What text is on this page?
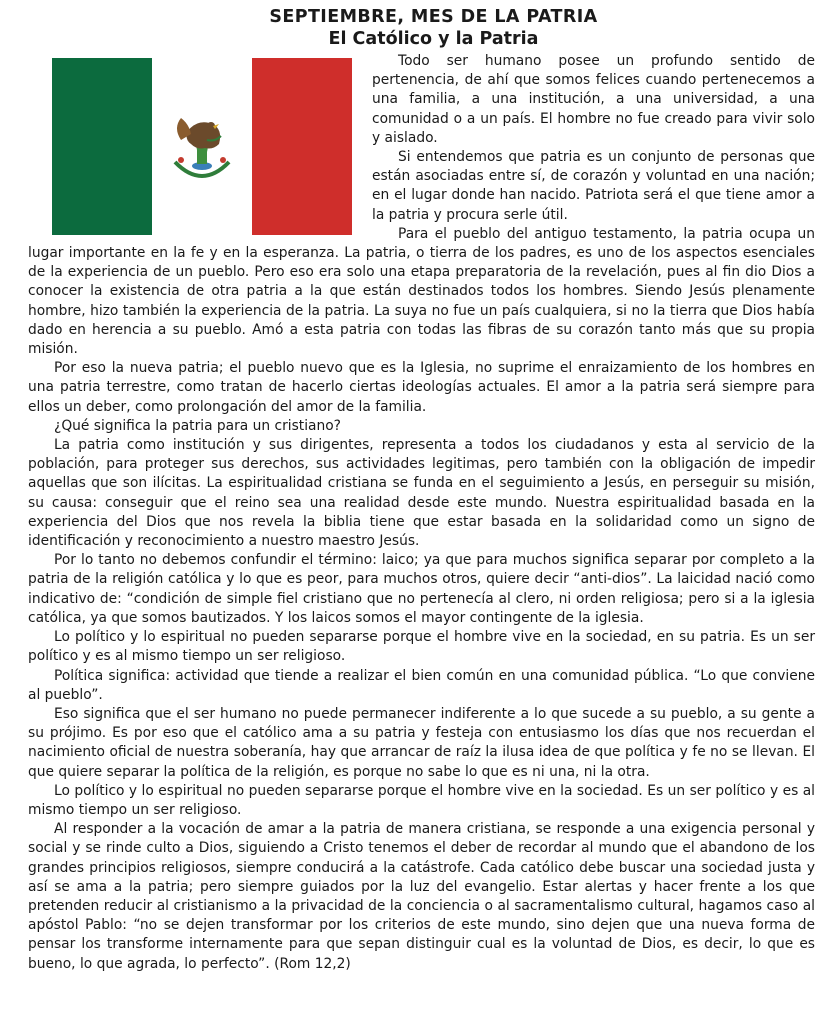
SEPTIEMBRE, MES DE LA PATRIA
El Católico y la Patria

Todo ser humano posee un profundo sentido de pertenencia, de ahí que somos felices cuando pertenecemos a una familia, a una institución, a una universidad, a una comunidad o a un país. El hombre no fue creado para vivir solo y aislado.

Si entendemos que patria es un conjunto de personas que están asociadas entre sí, de corazón y voluntad en una nación; en el lugar donde han nacido. Patriota será el que tiene amor a la patria y procura serle útil.

Para el pueblo del antiguo testamento, la patria ocupa un lugar importante en la fe y en la esperanza. La patria, o tierra de los padres, es uno de los aspectos esenciales de la experiencia de un pueblo. Pero eso era solo una etapa preparatoria de la revelación, pues al fin dio Dios a conocer la existencia de otra patria a la que están destinados todos los hombres. Siendo Jesús plenamente hombre, hizo también la experiencia de la patria. La suya no fue un país cualquiera, si no la tierra que Dios había dado en herencia a su pueblo. Amó a esta patria con todas las fibras de su corazón tanto más que su propia misión.

Por eso la nueva patria; el pueblo nuevo que es la Iglesia, no suprime el enraizamiento de los hombres en una patria terrestre, como tratan de hacerlo ciertas ideologías actuales. El amor a la patria será siempre para ellos un deber, como prolongación del amor de la familia.

¿Qué significa la patria para un cristiano?

La patria como institución y sus dirigentes, representa a todos los ciudadanos y esta al servicio de la población, para proteger sus derechos, sus actividades legitimas, pero también con la obligación de impedir aquellas que son ilícitas. La espiritualidad cristiana se funda en el seguimiento a Jesús, en perseguir su misión, su causa: conseguir que el reino sea una realidad desde este mundo. Nuestra espiritualidad basada en la experiencia del Dios que nos revela la biblia tiene que estar basada en la solidaridad como un signo de identificación y reconocimiento a nuestro maestro Jesús.

Por lo tanto no debemos confundir el término: laico; ya que para muchos significa separar por completo a la patria de la religión católica y lo que es peor, para muchos otros, quiere decir “anti-dios”. La laicidad nació como indicativo de: “condición de simple fiel cristiano que no pertenecía al clero, ni orden religiosa; pero si a la iglesia católica, ya que somos bautizados. Y los laicos somos el mayor contingente de la iglesia.

Lo político y lo espiritual no pueden separarse porque el hombre vive en la sociedad, en su patria. Es un ser político y es al mismo tiempo un ser religioso.

Política significa: actividad que tiende a realizar el bien común en una comunidad pública. “Lo que conviene al pueblo”.

Eso significa que el ser humano no puede permanecer indiferente a lo que sucede a su pueblo, a su gente a su prójimo. Es por eso que el católico ama a su patria y festeja con entusiasmo los días que nos recuerdan el nacimiento oficial de nuestra soberanía, hay que arrancar de raíz la ilusa idea de que política y fe no se llevan. El que quiere separar la política de la religión, es porque no sabe lo que es ni una, ni la otra.

Lo político y lo espiritual no pueden separarse porque el hombre vive en la sociedad. Es un ser político y es al mismo tiempo un ser religioso.

Al responder a la vocación de amar a la patria de manera cristiana, se responde a una exigencia personal y social y se rinde culto a Dios, siguiendo a Cristo tenemos el deber de recordar al mundo que el abandono de los grandes principios religiosos, siempre conducirá a la catástrofe. Cada católico debe buscar una sociedad justa y así se ama a la patria; pero siempre guiados por la luz del evangelio. Estar alertas y hacer frente a los que pretenden reducir al cristianismo a la privacidad de la conciencia o al sacramentalismo cultural, hagamos caso al apóstol Pablo: “no se dejen transformar por los criterios de este mundo, sino dejen que una nueva forma de pensar los transforme internamente para que sepan distinguir cual es la voluntad de Dios, es decir, lo que es bueno, lo que agrada, lo perfecto”. (Rom 12,2)
